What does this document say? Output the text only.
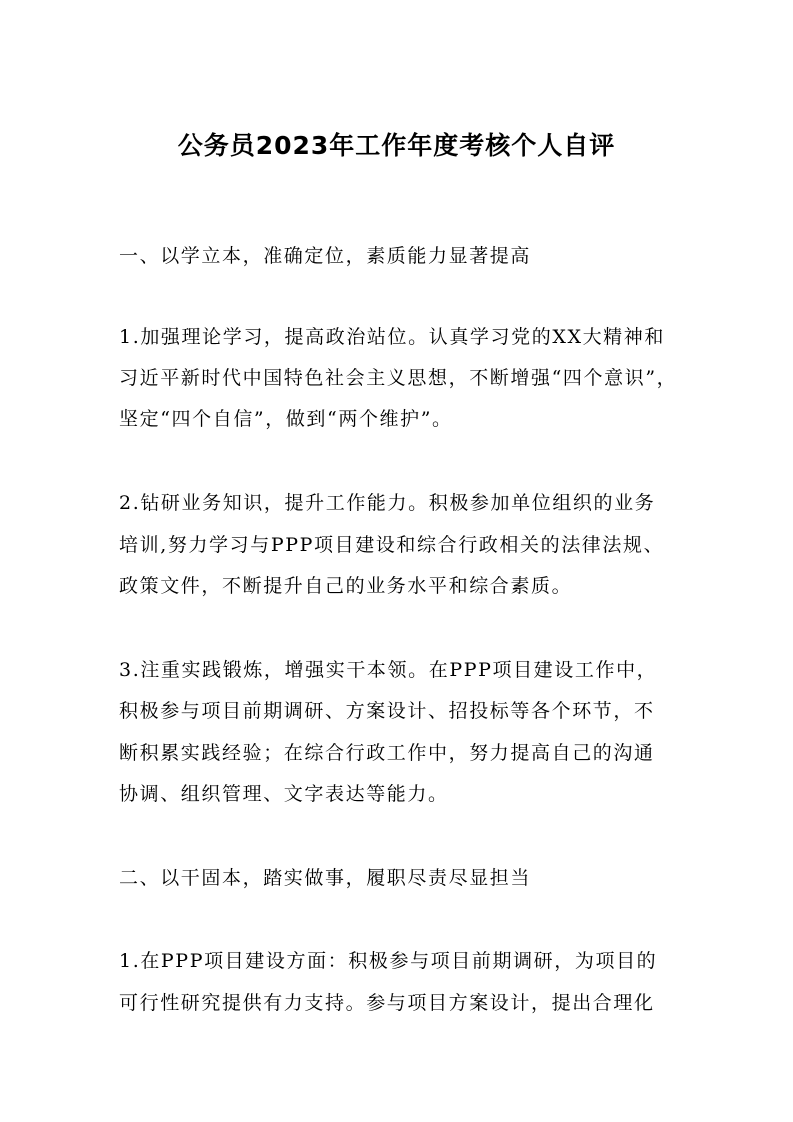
公务员2023年工作年度考核个人自评

一、以学立本，准确定位，素质能力显著提高

1.加强理论学习，提高政治站位。认真学习党的XX大精神和

习近平新时代中国特色社会主义思想，不断增强“四个意识”，

坚定“四个自信”，做到“两个维护”。

2.钻研业务知识，提升工作能力。积极参加单位组织的业务

培训,努力学习与PPP项目建设和综合行政相关的法律法规、

政策文件，不断提升自己的业务水平和综合素质。

3.注重实践锻炼，增强实干本领。在PPP项目建设工作中，

积极参与项目前期调研、方案设计、招投标等各个环节，不

断积累实践经验；在综合行政工作中，努力提高自己的沟通

协调、组织管理、文字表达等能力。

二、以干固本，踏实做事，履职尽责尽显担当

1.在PPP项目建设方面：积极参与项目前期调研，为项目的

可行性研究提供有力支持。参与项目方案设计，提出合理化
